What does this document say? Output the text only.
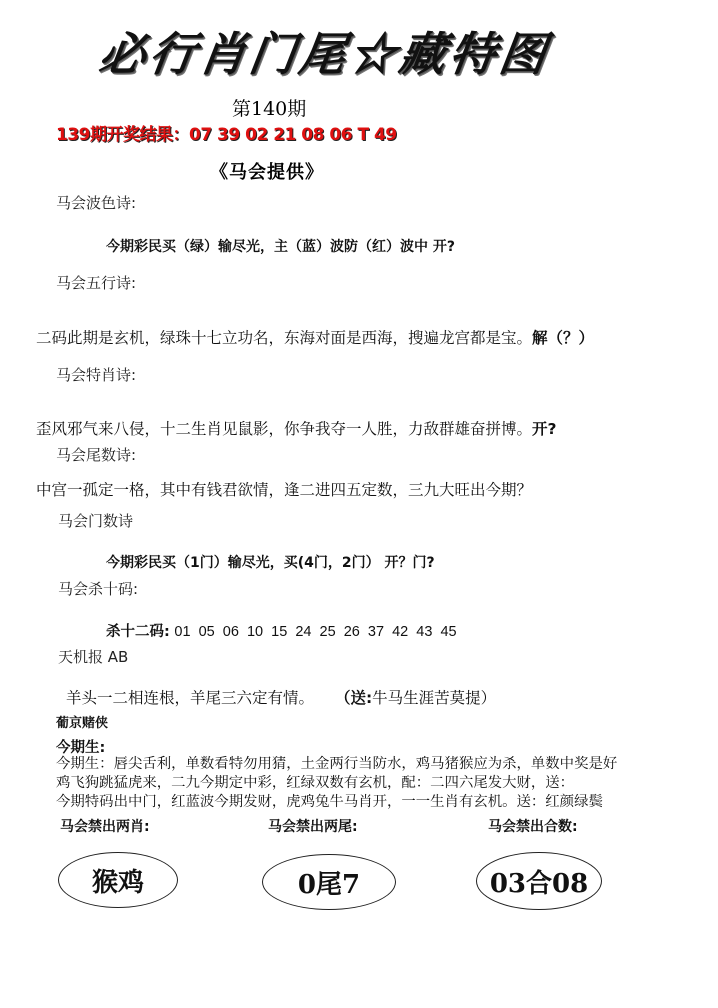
必行肖门尾☆藏特图
第140期
139期开奖结果：07 39 02 21 08 06 T 49
《马会提供》
马会波色诗:
今期彩民买（绿）输尽光，主（蓝）波防（红）波中 开?
马会五行诗:
二码此期是玄机，绿珠十七立功名，东海对面是西海，搜遍龙宫都是宝。解（？）
马会特肖诗:
歪风邪气来八侵，十二生肖见鼠影，你争我夺一人胜，力敌群雄奋拼博。开?
马会尾数诗:
中宫一孤定一格，其中有钱君欲情，逢二进四五定数，三九大旺出今期？
马会门数诗
今期彩民买（1门）输尽光，买(4门，2门） 开？门?
马会杀十码:
杀十二码: 01  05  06  10  15  24  25  26  37  42  43  45
天机报 AB
羊头一二相连根，羊尾三六定有情。 （送:牛马生涯苦莫提）
葡京赌侠
今期生:
今期生：唇尖舌利，单数看特勿用猜，土金两行当防水，鸡马猪猴应为杀，单数中奖是好
鸡飞狗跳猛虎来，二九今期定中彩，红绿双数有玄机，配：二四六尾发大财，送：
今期特码出中门，红蓝波今期发财，虎鸡兔牛马肖开，一一生肖有玄机。送：红颜绿鬓
马会禁出两肖:	马会禁出两尾:	马会禁出合数:
猴鸡	0尾7	03合08
